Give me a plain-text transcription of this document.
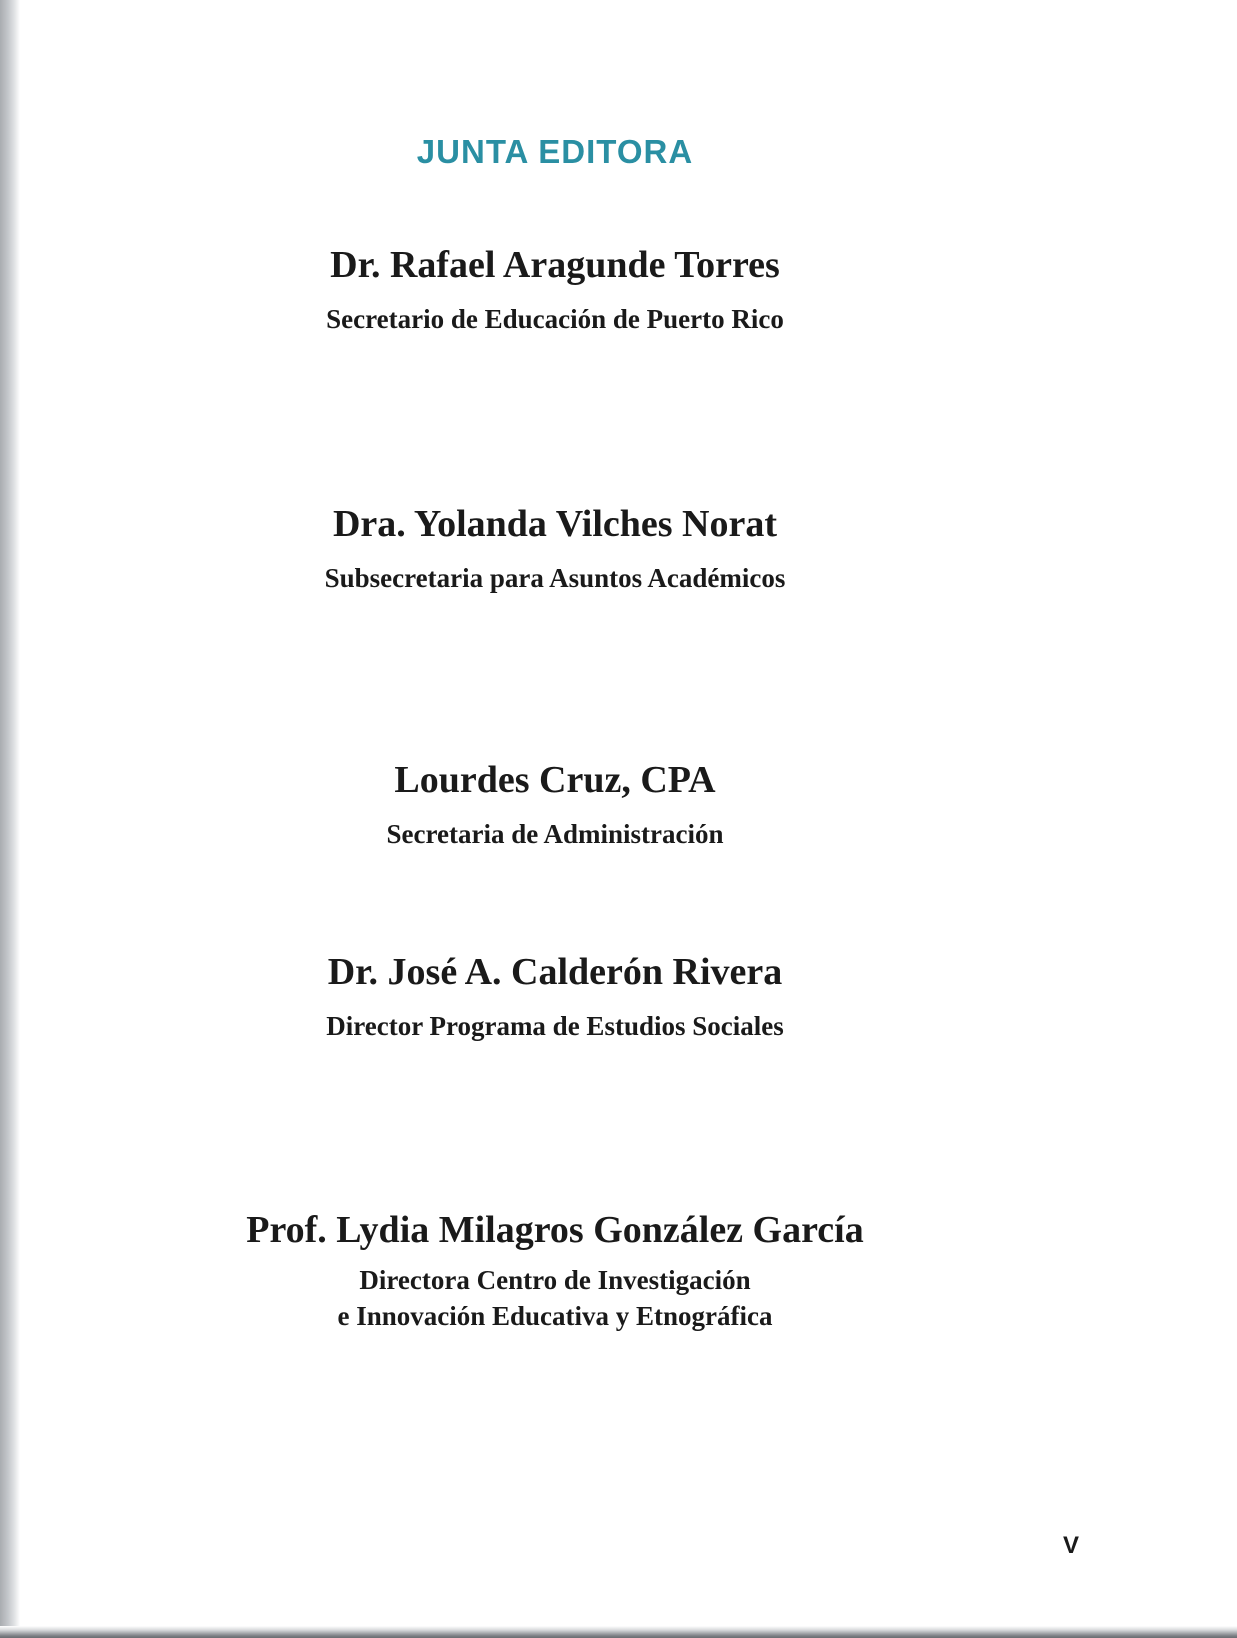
JUNTA EDITORA
Dr. Rafael Aragunde Torres
Secretario de Educación de Puerto Rico
Dra. Yolanda Vilches Norat
Subsecretaria para Asuntos Académicos
Lourdes Cruz, CPA
Secretaria de Administración
Dr. José A. Calderón Rivera
Director Programa de Estudios Sociales
Prof. Lydia Milagros González García
Directora Centro de Investigación
e Innovación Educativa y Etnográfica
V
